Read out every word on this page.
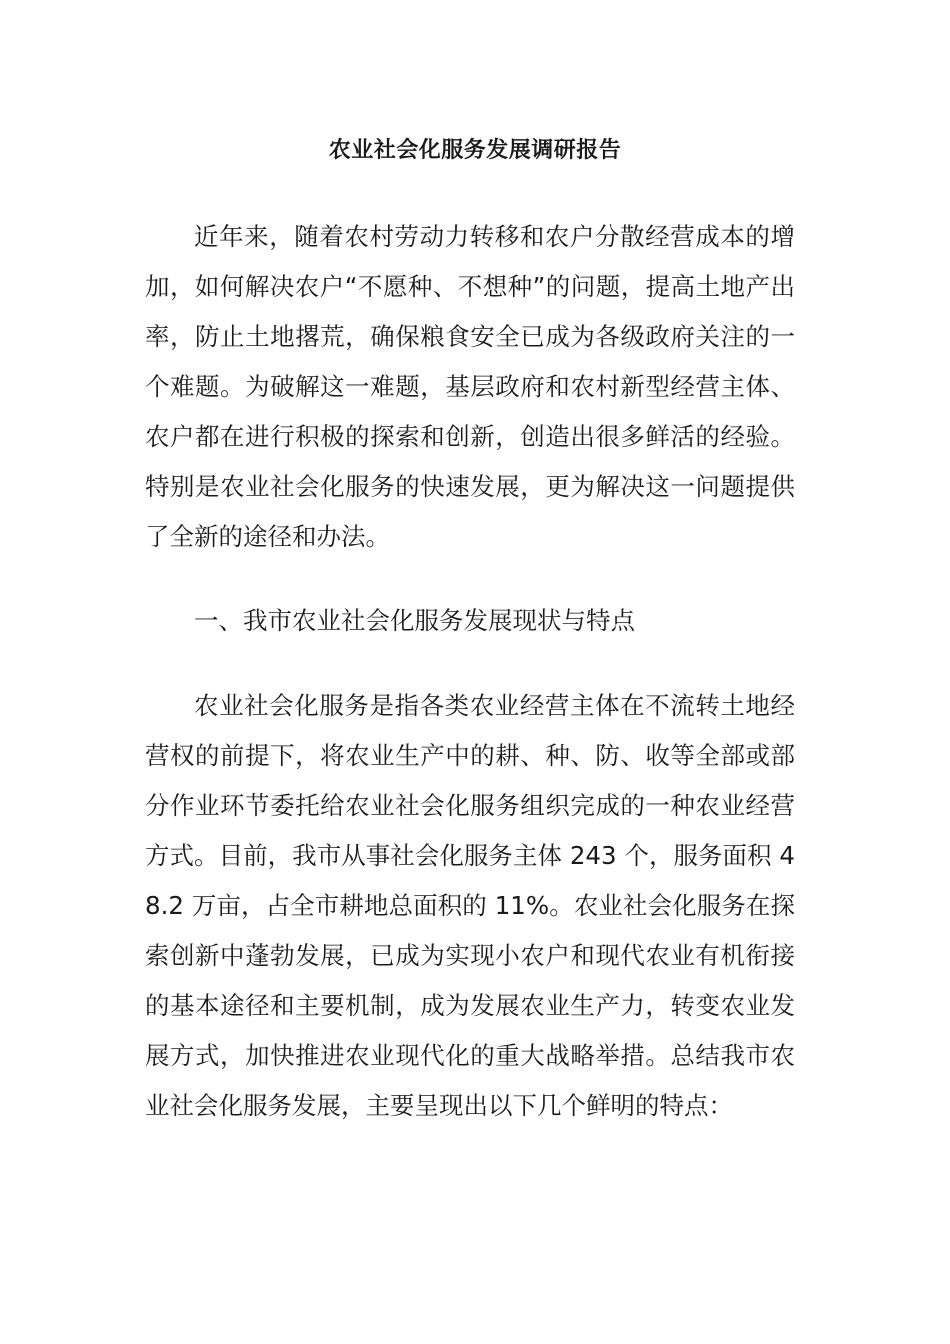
农业社会化服务发展调研报告

近年来，随着农村劳动力转移和农户分散经营成本的增加，如何解决农户“不愿种、不想种”的问题，提高土地产出率，防止土地撂荒，确保粮食安全已成为各级政府关注的一个难题。为破解这一难题，基层政府和农村新型经营主体、农户都在进行积极的探索和创新，创造出很多鲜活的经验。特别是农业社会化服务的快速发展，更为解决这一问题提供了全新的途径和办法。

一、我市农业社会化服务发展现状与特点

农业社会化服务是指各类农业经营主体在不流转土地经营权的前提下，将农业生产中的耕、种、防、收等全部或部分作业环节委托给农业社会化服务组织完成的一种农业经营方式。目前，我市从事社会化服务主体 243 个，服务面积 48.2 万亩，占全市耕地总面积的 11%。农业社会化服务在探索创新中蓬勃发展，已成为实现小农户和现代农业有机衔接的基本途径和主要机制，成为发展农业生产力，转变农业发展方式，加快推进农业现代化的重大战略举措。总结我市农业社会化服务发展，主要呈现出以下几个鲜明的特点：
